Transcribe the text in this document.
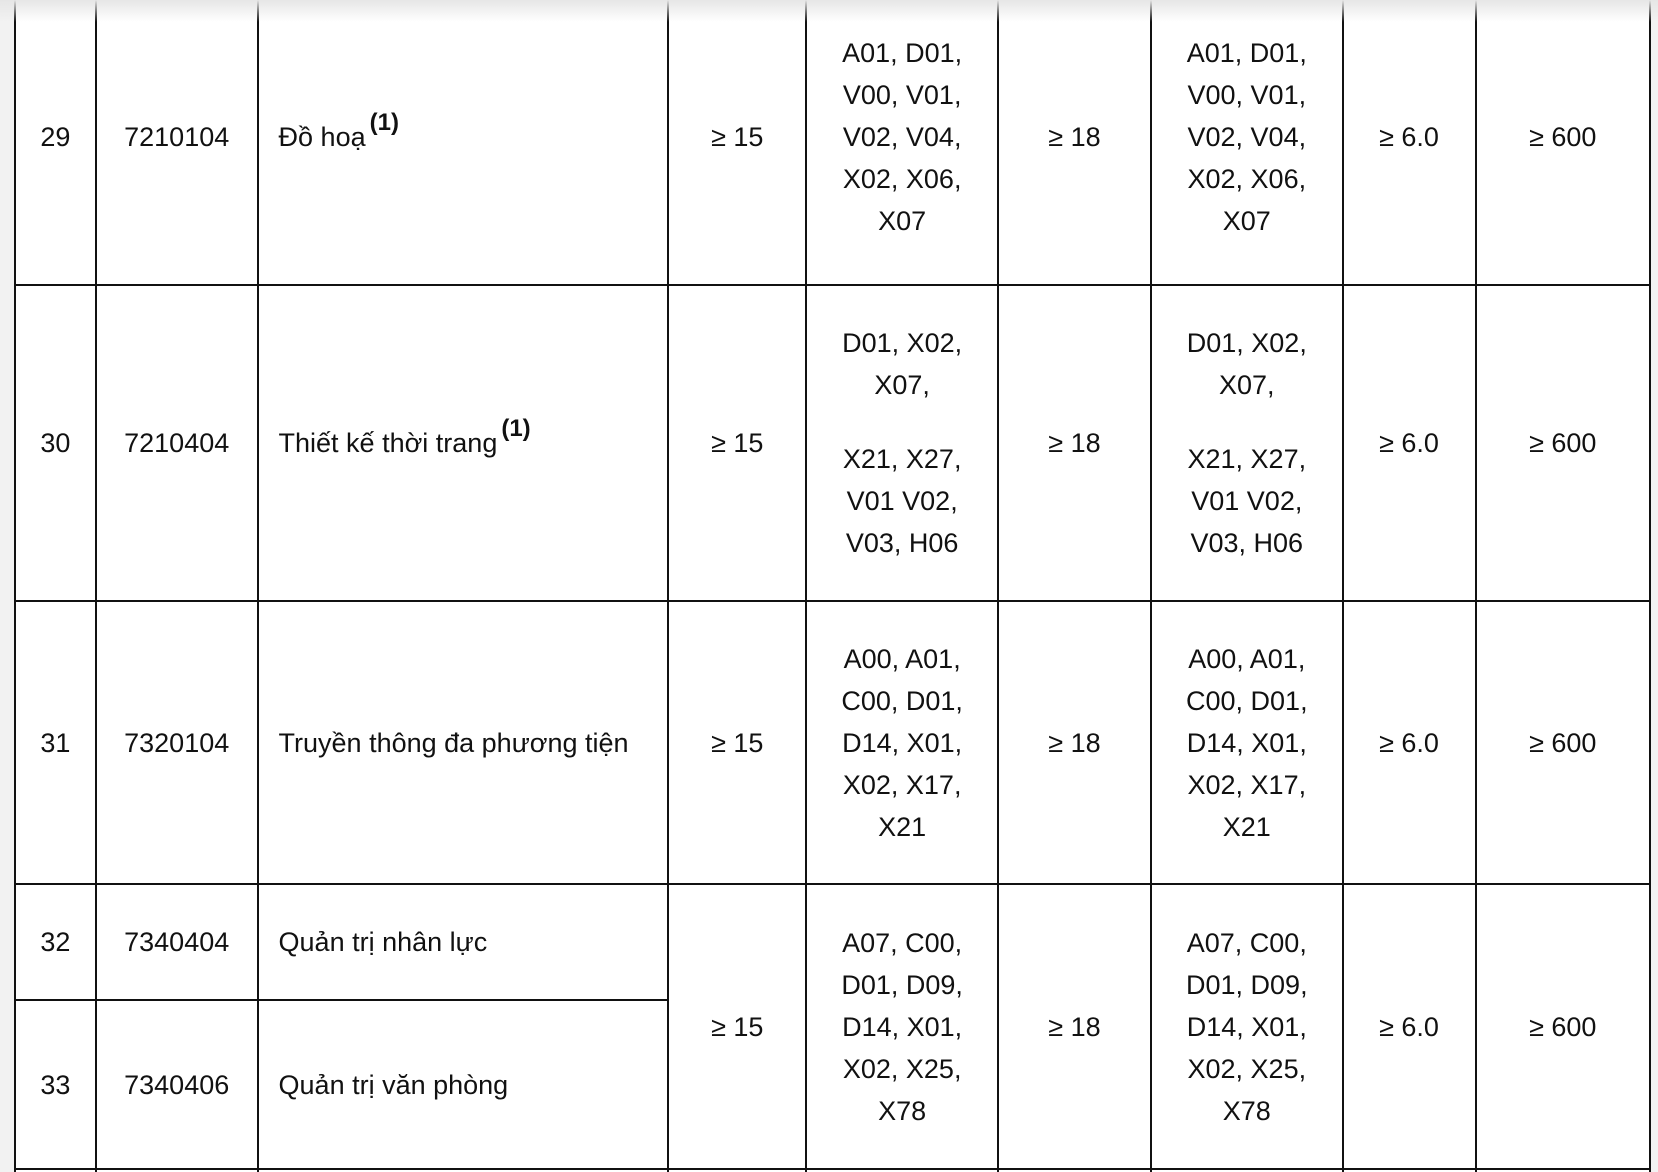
29	7210104	Đồ hoạ $^{(1)}$	≥ 15	A01, D01,
V00, V01,
V02, V04,
X02, X06,
X07	≥ 18	A01, D01,
V00, V01,
V02, V04,
X02, X06,
X07	≥ 6.0	≥ 600
30	7210404	Thiết kế thời trang $^{(1)}$	≥ 15	D01, X02,
X07,
X21, X27,
V01 V02,
V03, H06	≥ 18	D01, X02,
X07,
X21, X27,
V01 V02,
V03, H06	≥ 6.0	≥ 600
31	7320104	Truyền thông đa phương tiện	≥ 15	A00, A01,
C00, D01,
D14, X01,
X02, X17,
X21	≥ 18	A00, A01,
C00, D01,
D14, X01,
X02, X17,
X21	≥ 6.0	≥ 600
32	7340404	Quản trị nhân lực	≥ 15	A07, C00,
D01, D09,
D14, X01,
X02, X25,
X78	≥ 18	A07, C00,
D01, D09,
D14, X01,
X02, X25,
X78	≥ 6.0	≥ 600
33	7340406	Quản trị văn phòng						
